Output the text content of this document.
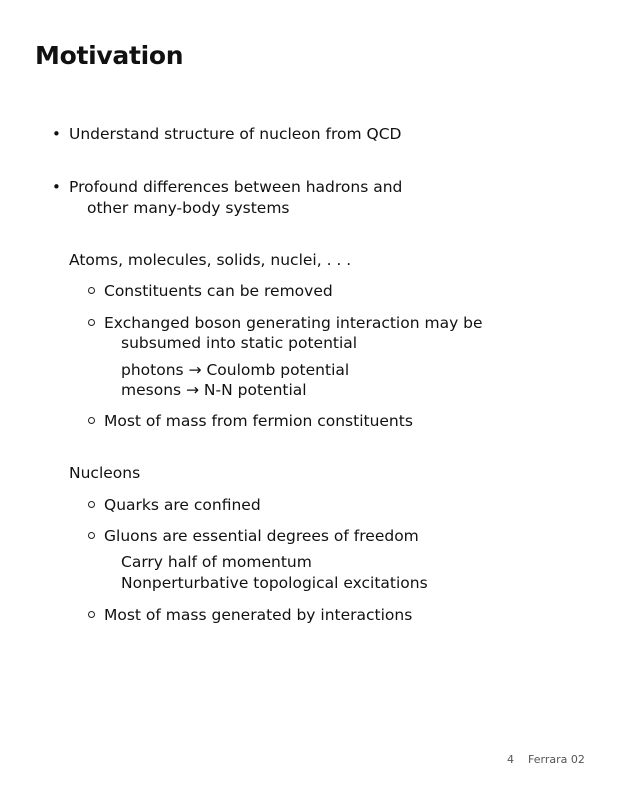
Motivation
• Understand structure of nucleon from QCD
• Profound differences between hadrons and
other many-body systems
Atoms, molecules, solids, nuclei, . . .
Constituents can be removed
Exchanged boson generating interaction may be
subsumed into static potential
photons → Coulomb potential
mesons → N-N potential
Most of mass from fermion constituents
Nucleons
Quarks are confined
Gluons are essential degrees of freedom
Carry half of momentum
Nonperturbative topological excitations
Most of mass generated by interactions
4 Ferrara 02
